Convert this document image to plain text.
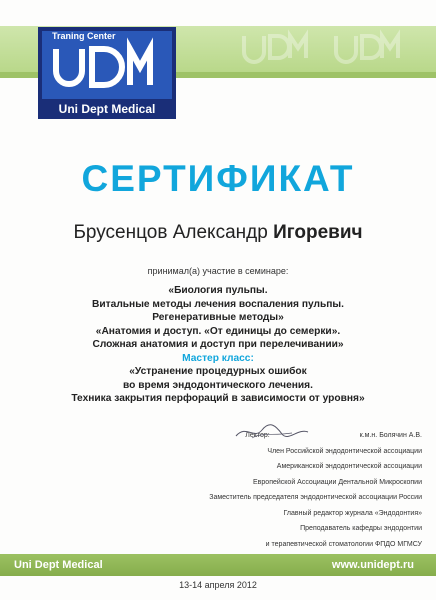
Traning Center
Uni Dept Medical
СЕРТИФИКАТ
Брусенцов Александр Игоревич
принимал(а) участие в семинаре:
«Биология пульпы.
Витальные методы лечения воспаления пульпы.
Регенеративные методы»
«Анатомия и доступ. «От единицы до семерки».
Сложная анатомия и доступ при перелечивании»
Мастер класс:
«Устранение процедурных ошибок
во время эндодонтического лечения.
Техника закрытия перфораций в зависимости от уровня»
Лектор:	к.м.н. Болячин А.В.
Член Российской эндодонтической ассоциации
Американской эндодонтической ассоциации
Европейской Ассоциации Дентальной Микроскопии
Заместитель председателя эндодонтической ассоциации России
Главный редактор журнала «Эндодонтия»
Преподаватель кафедры эндодонтии
и терапевтической стоматологии ФПДО МГМСУ
Uni Dept Medical	www.unidept.ru
13-14 апреля 2012
